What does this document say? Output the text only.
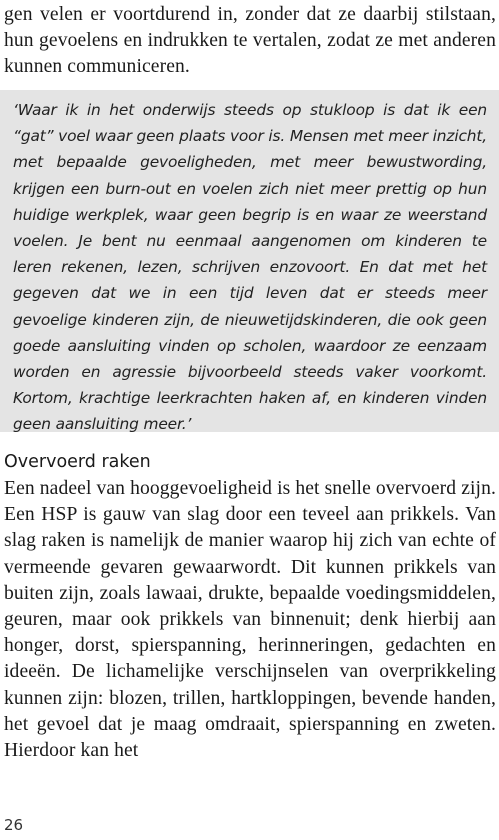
gen velen er voortdurend in, zonder dat ze daarbij stilstaan, hun gevoelens en indrukken te vertalen, zodat ze met anderen kunnen communiceren.

‘Waar ik in het onderwijs steeds op stukloop is dat ik een “gat” voel waar geen plaats voor is. Mensen met meer inzicht, met bepaalde gevoeligheden, met meer bewustwording, krijgen een burn-out en voelen zich niet meer prettig op hun huidige werkplek, waar geen begrip is en waar ze weerstand voelen. Je bent nu eenmaal aangenomen om kinderen te leren rekenen, lezen, schrijven enzovoort. En dat met het gegeven dat we in een tijd leven dat er steeds meer gevoelige kinderen zijn, de nieuwetijdskinderen, die ook geen goede aansluiting vinden op scholen, waardoor ze eenzaam worden en agressie bijvoorbeeld steeds vaker voorkomt. Kortom, krachtige leerkrachten haken af, en kinderen vinden geen aansluiting meer.’

Overvoerd raken

Een nadeel van hooggevoeligheid is het snelle overvoerd zijn. Een HSP is gauw van slag door een teveel aan prikkels. Van slag raken is namelijk de manier waarop hij zich van echte of vermeende gevaren gewaarwordt. Dit kunnen prikkels van buiten zijn, zoals lawaai, drukte, bepaalde voedingsmiddelen, geuren, maar ook prikkels van binnenuit; denk hierbij aan honger, dorst, spierspanning, herinneringen, gedachten en ideeën. De lichamelijke verschijnselen van overprikkeling kunnen zijn: blozen, trillen, hartkloppingen, bevende handen, het gevoel dat je maag omdraait, spierspanning en zweten. Hierdoor kan het

26
